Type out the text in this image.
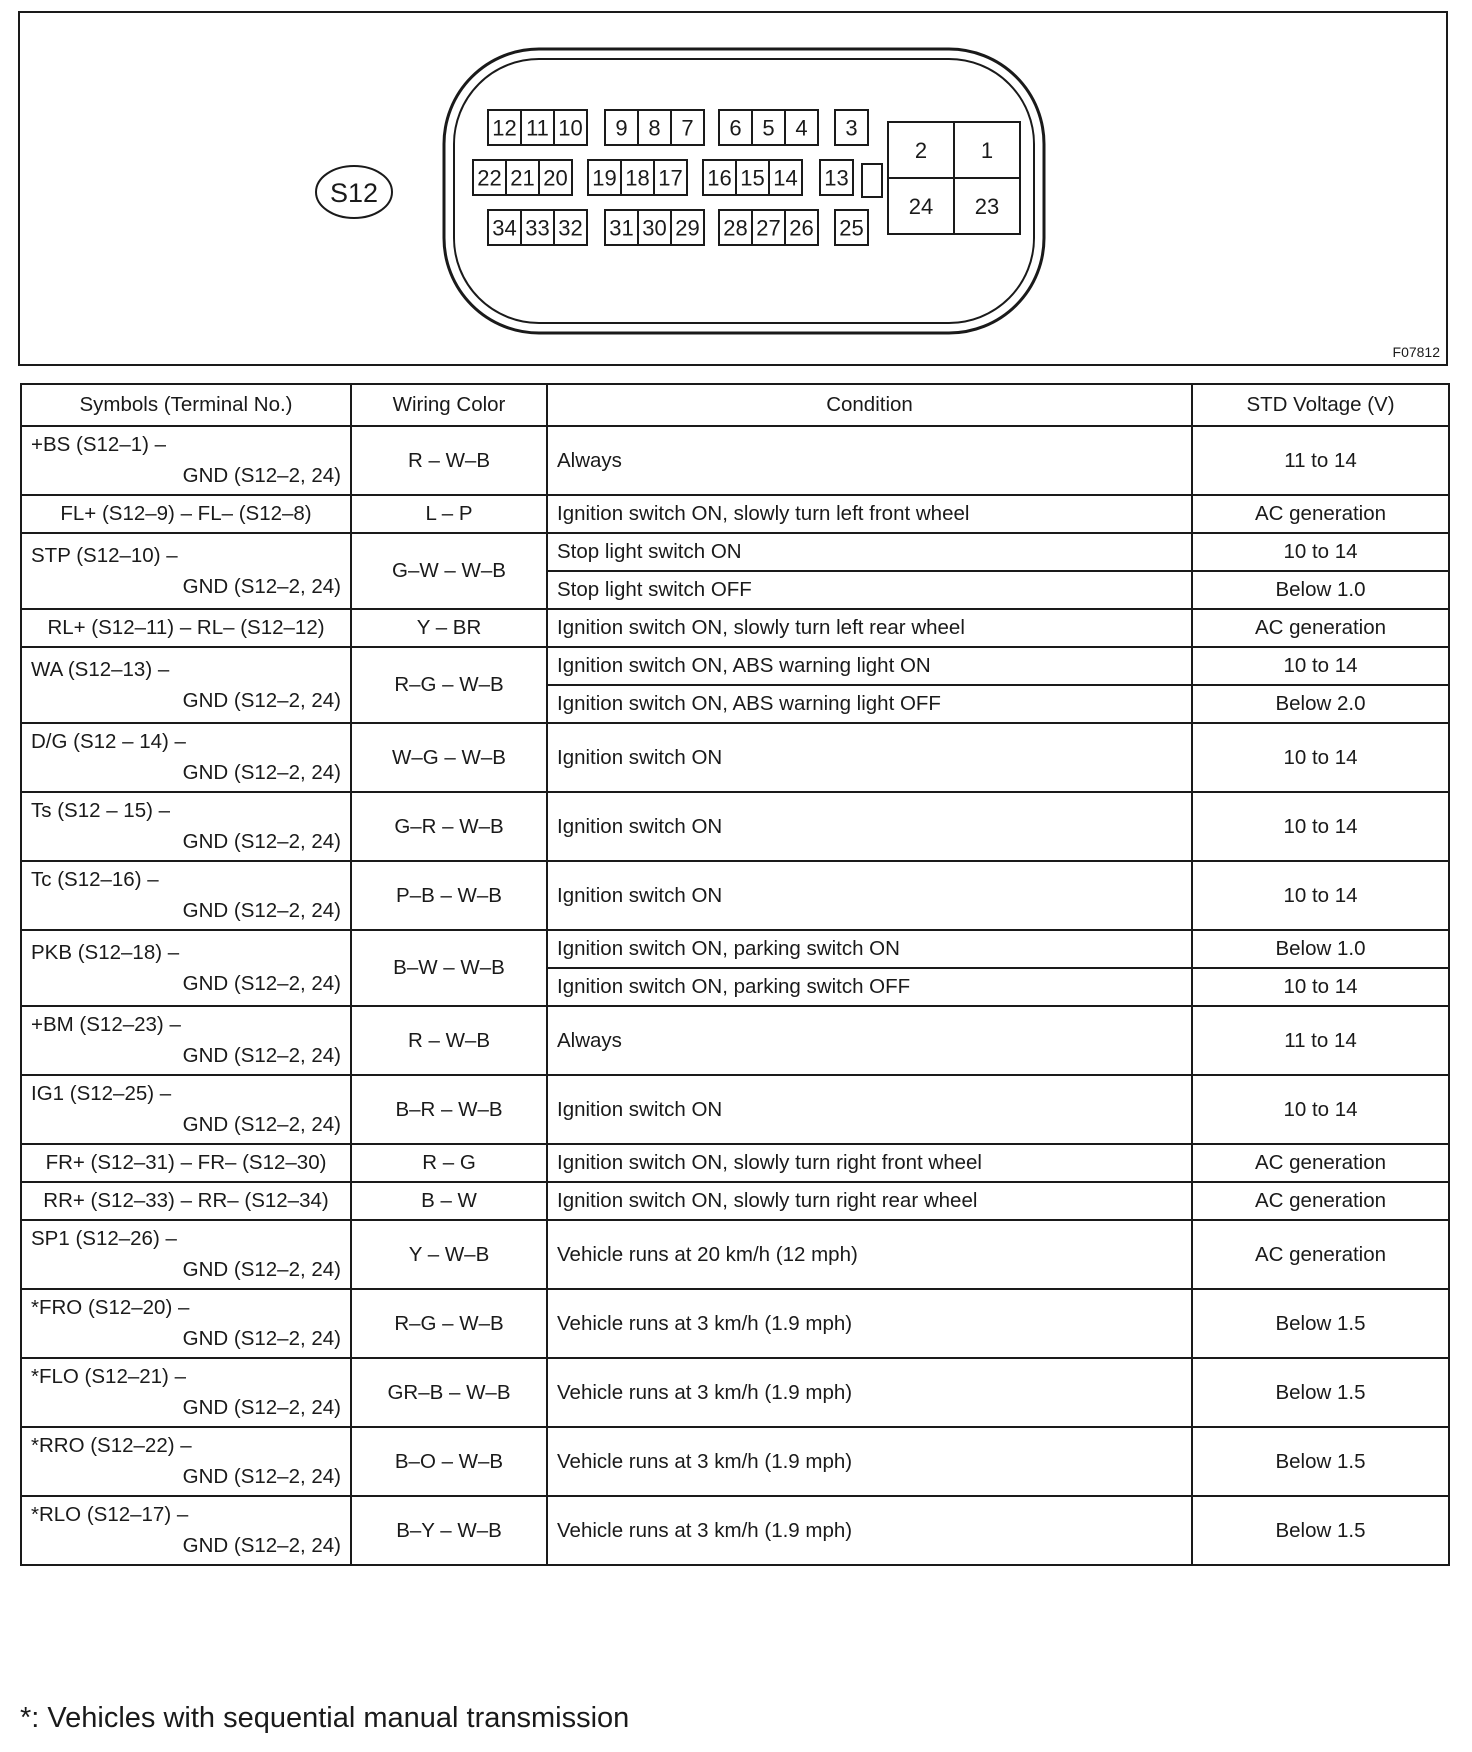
S12
12 11 10 9 8 7 6 5 4 3
22 21 20 19 18 17 16 15 14 13
34 33 32 31 30 29 28 27 26 25
2 1
24 23
F07812
Symbols (Terminal No.)	Wiring Color	Condition	STD Voltage (V)

+BS (S12–1) –
GND (S12–2, 24)	R – W–B	Always	11 to 14

FL+ (S12–9) – FL– (S12–8)	L – P	Ignition switch ON, slowly turn left front wheel	AC generation

STP (S12–10) –
GND (S12–2, 24)	G–W – W–B	Stop light switch ON	10 to 14
		Stop light switch OFF	Below 1.0

RL+ (S12–11) – RL– (S12–12)	Y – BR	Ignition switch ON, slowly turn left rear wheel	AC generation

WA (S12–13) –
GND (S12–2, 24)	R–G – W–B	Ignition switch ON, ABS warning light ON	10 to 14
		Ignition switch ON, ABS warning light OFF	Below 2.0

D/G (S12 – 14) –
GND (S12–2, 24)	W–G – W–B	Ignition switch ON	10 to 14

Ts (S12 – 15) –
GND (S12–2, 24)	G–R – W–B	Ignition switch ON	10 to 14

Tc (S12–16) –
GND (S12–2, 24)	P–B – W–B	Ignition switch ON	10 to 14

PKB (S12–18) –
GND (S12–2, 24)	B–W – W–B	Ignition switch ON, parking switch ON	Below 1.0
		Ignition switch ON, parking switch OFF	10 to 14

+BM (S12–23) –
GND (S12–2, 24)	R – W–B	Always	11 to 14

IG1 (S12–25) –
GND (S12–2, 24)	B–R – W–B	Ignition switch ON	10 to 14

FR+ (S12–31) – FR– (S12–30)	R – G	Ignition switch ON, slowly turn right front wheel	AC generation

RR+ (S12–33) – RR– (S12–34)	B – W	Ignition switch ON, slowly turn right rear wheel	AC generation

SP1 (S12–26) –
GND (S12–2, 24)	Y – W–B	Vehicle runs at 20 km/h (12 mph)	AC generation

*FRO (S12–20) –
GND (S12–2, 24)	R–G – W–B	Vehicle runs at 3 km/h (1.9 mph)	Below 1.5

*FLO (S12–21) –
GND (S12–2, 24)	GR–B – W–B	Vehicle runs at 3 km/h (1.9 mph)	Below 1.5

*RRO (S12–22) –
GND (S12–2, 24)	B–O – W–B	Vehicle runs at 3 km/h (1.9 mph)	Below 1.5

*RLO (S12–17) –
GND (S12–2, 24)	B–Y – W–B	Vehicle runs at 3 km/h (1.9 mph)	Below 1.5
*: Vehicles with sequential manual transmission
